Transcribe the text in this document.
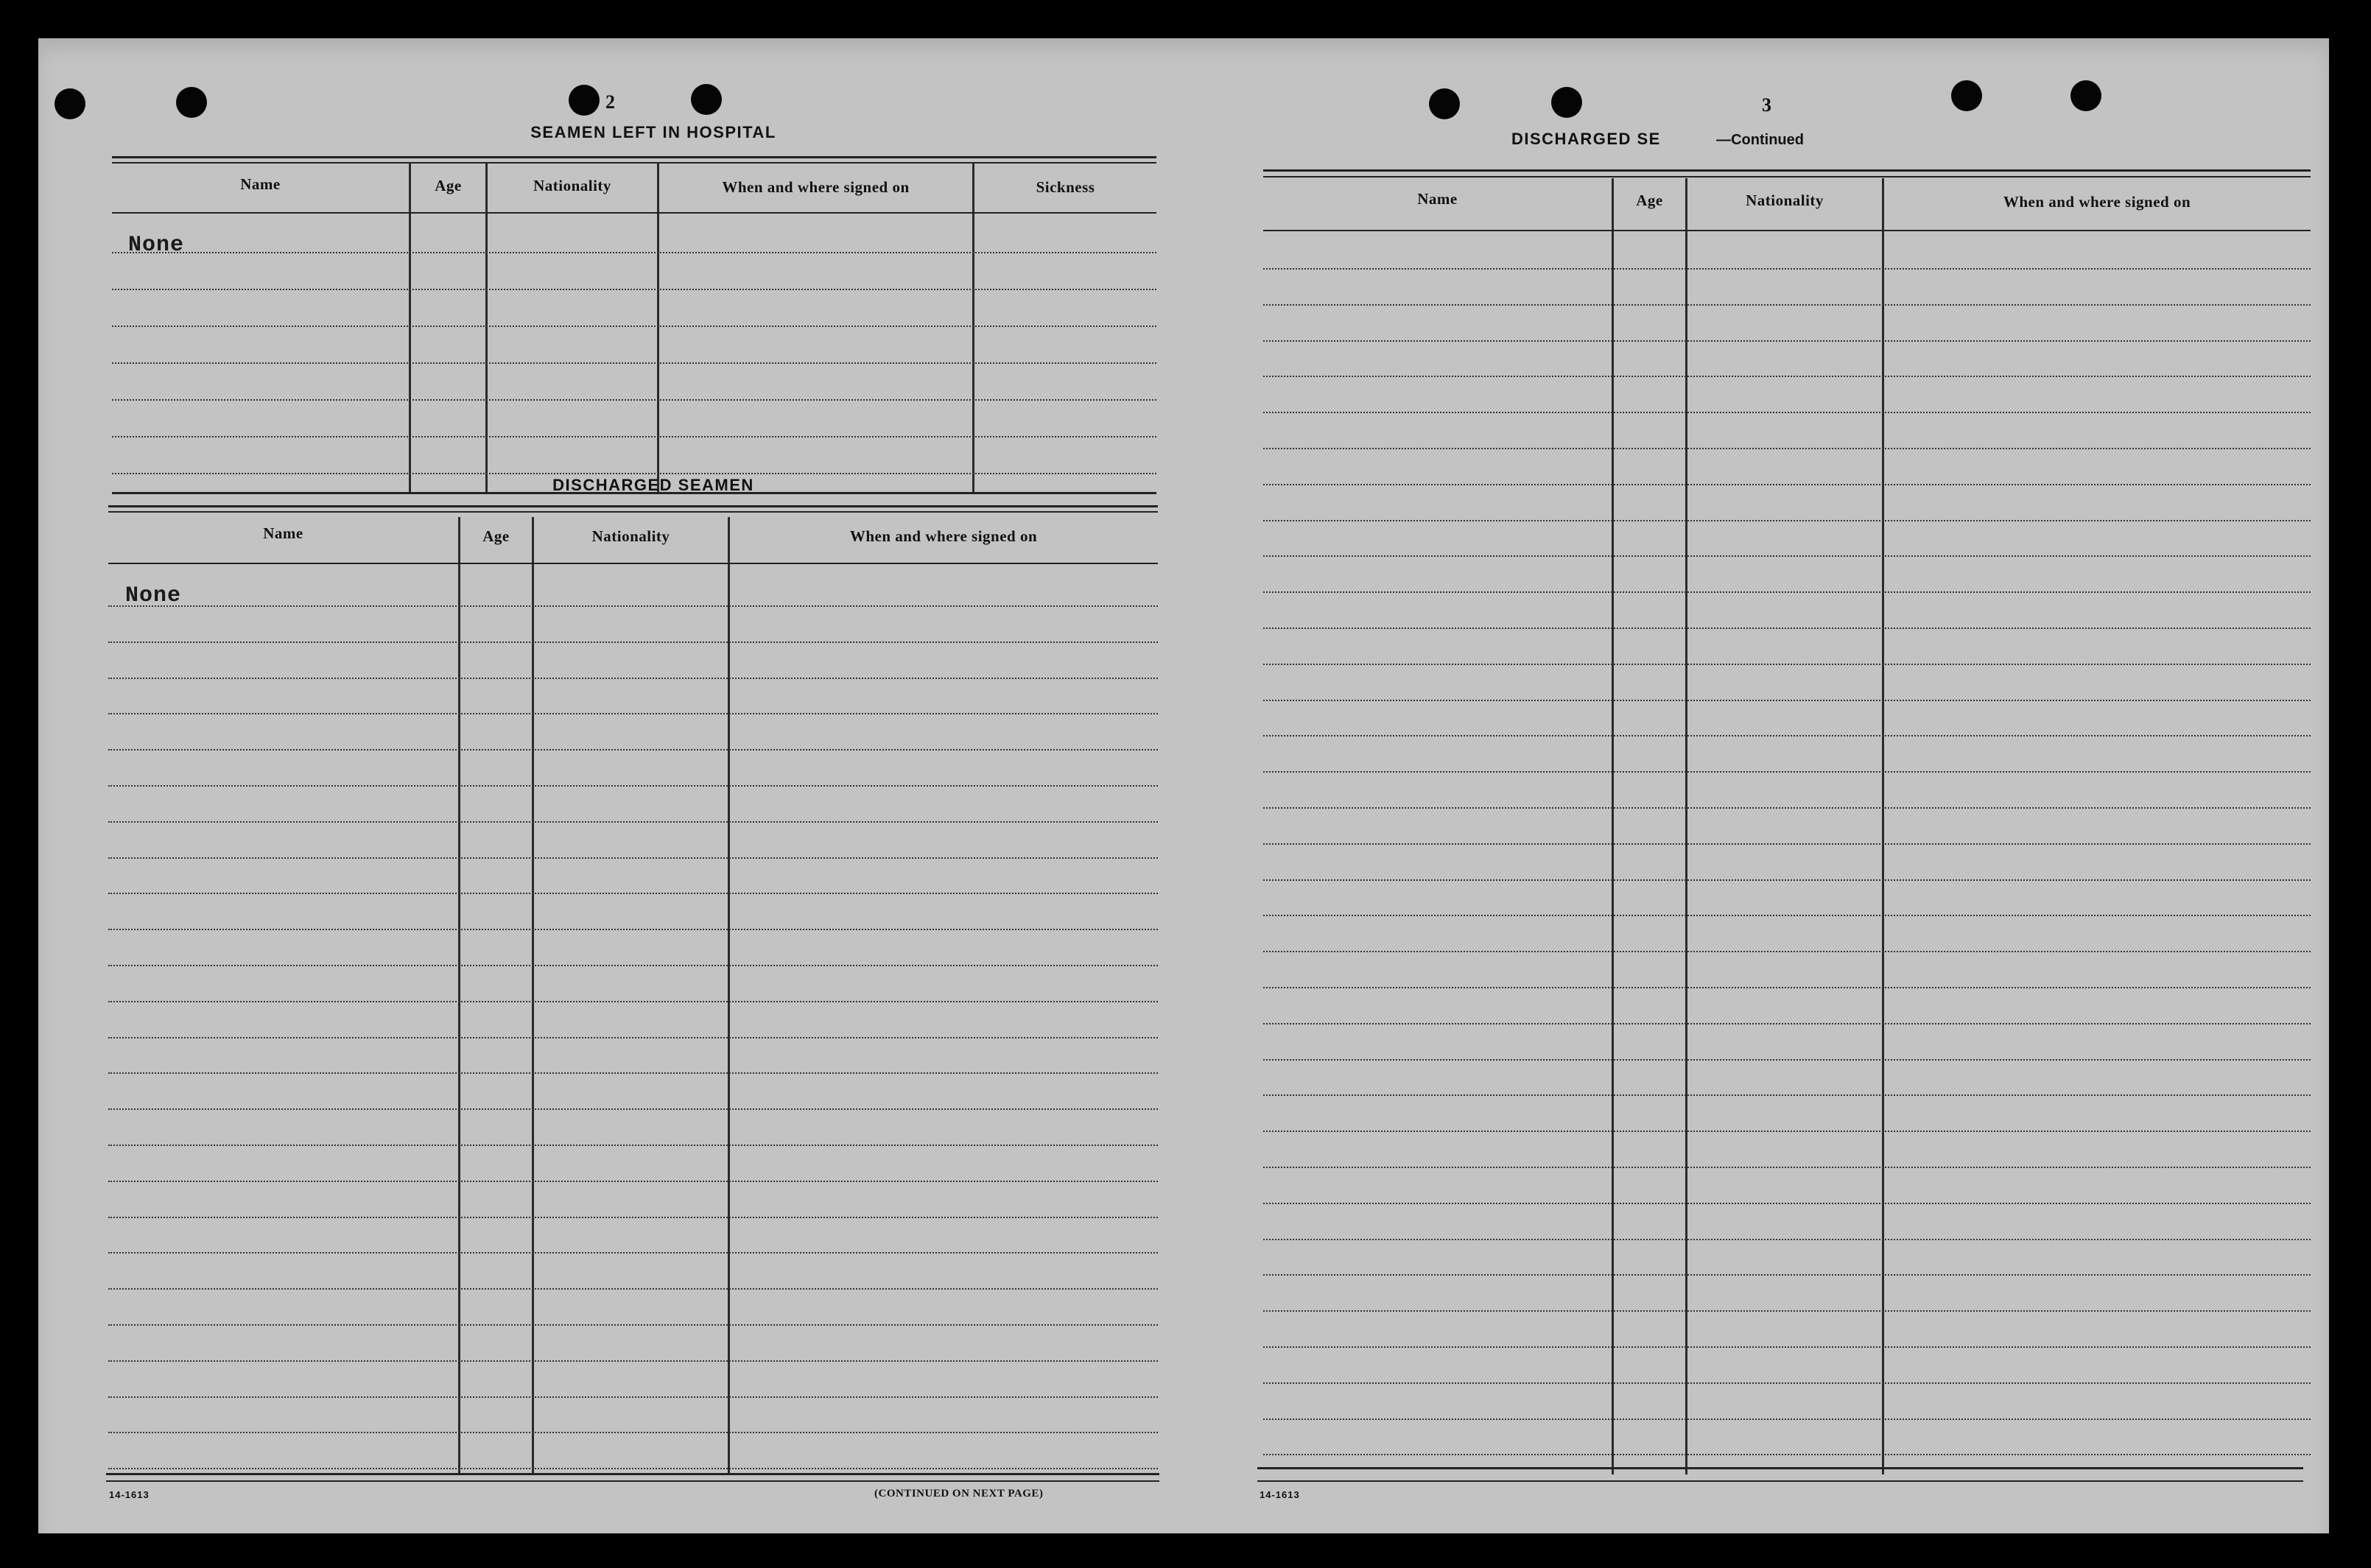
2
SEAMEN LEFT IN HOSPITAL
Name	Age	Nationality	When and where signed on	Sickness
None
DISCHARGED SEAMEN
Name	Age	Nationality	When and where signed on
None
14-1613	(CONTINUED ON NEXT PAGE)
3
DISCHARGED SE	—Continued
Name	Age	Nationality	When and where signed on
14-1613
